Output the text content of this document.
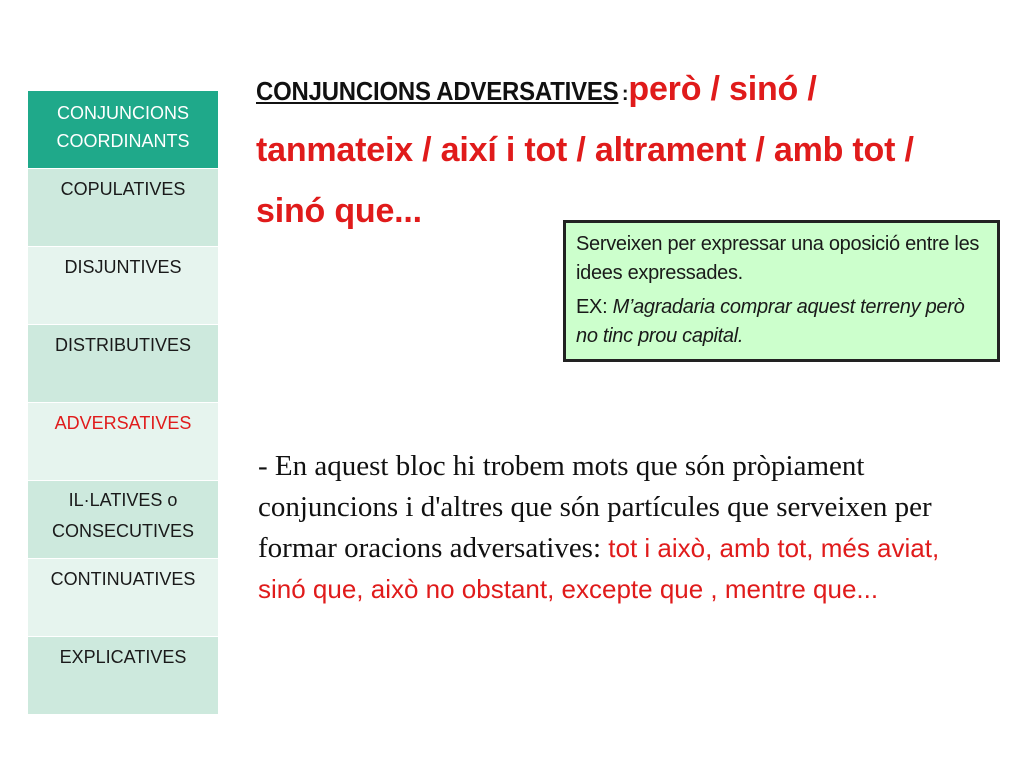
CONJUNCIONS
COORDINANTS
COPULATIVES
DISJUNTIVES
DISTRIBUTIVES
ADVERSATIVES
IL·LATIVES o
CONSECUTIVES
CONTINUATIVES
EXPLICATIVES
CONJUNCIONS ADVERSATIVES :però / sinó / tanmateix / així i tot / altrament / amb tot / sinó que...

Serveixen per expressar una oposició entre les idees expressades.

EX: M’agradaria comprar aquest terreny però no tinc prou capital.

- En aquest bloc hi trobem mots que són pròpiament conjuncions i d'altres que són partícules que serveixen per formar oracions adversatives: tot i això, amb tot, més aviat, sinó que, això no obstant, excepte que , mentre que...
